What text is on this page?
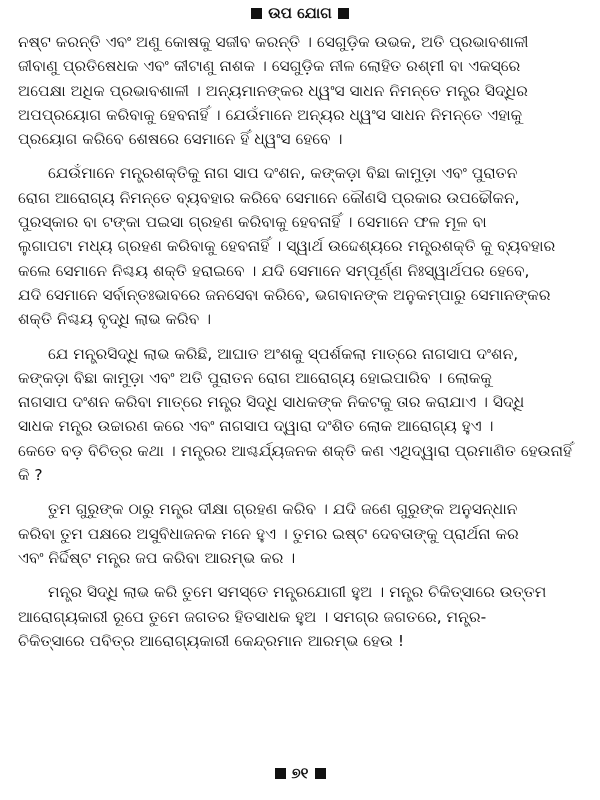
ଉପ ଯୋଗ
ନଷ୍ଟ କରନ୍ତି ଏବଂ ଅଣୁ କୋଷକୁ ସଜୀବ କରନ୍ତି । ସେଗୁଡ଼ିକ ଉଭକ, ଅତି ପ୍ରଭାବଶାଳୀ
ଜୀବାଣୁ ପ୍ରତିଷେଧକ ଏବଂ କୀଟାଣୁ ନାଶକ । ସେଗୁଡ଼ିକ ନୀଳ ଲୋହିତ ରଶ୍ମୀ ବା ଏକସ୍‌ରେ
ଅପେକ୍ଷା ଅଧିକ ପ୍ରଭାବଶାଳୀ । ଅନ୍ୟମାନଙ୍କର ଧ୍ୱଂସ ସାଧନ ନିମନ୍ତେ ମନ୍ତ୍ର ସିଦ୍ଧିର
ଅପପ୍ରୟୋଗ କରିବାକୁ ହେବନାହିଁ । ଯେଉଁମାନେ ଅନ୍ୟର ଧ୍ୱଂସ ସାଧନ ନିମନ୍ତେ ଏହାକୁ
ପ୍ରୟୋଗ କରିବେ ଶେଷରେ ସେମାନେ ହିଁ ଧ୍ୱଂସ ହେବେ ।
ଯେଉଁମାନେ ମନ୍ତ୍ରଶକ୍ତିକୁ ନାଗ ସାପ ଦଂଶନ, କଙ୍କଡ଼ା ବିଛା କାମୁଡ଼ା ଏବଂ ପୁରାତନ
ରୋଗ ଆରୋଗ୍ୟ ନିମନ୍ତେ ବ୍ୟବହାର କରିବେ ସେମାନେ କୌଣସି ପ୍ରକାର ଉପଢୌକନ,
ପୁରସ୍କାର ବା ଟଙ୍କା ପଇସା ଗ୍ରହଣ କରିବାକୁ ହେବନାହିଁ । ସେମାନେ ଫଳ ମୂଳ ବା
ଲୁଗାପଟା ମଧ୍ୟ ଗ୍ରହଣ କରିବାକୁ ହେବନାହିଁ । ସ୍ୱାର୍ଥ ଉଦ୍ଦେଶ୍ୟରେ ମନ୍ତ୍ରଶକ୍ତି କୁ ବ୍ୟବହାର
କଲେ ସେମାନେ ନିଶ୍ଚୟ ଶକ୍ତି ହରାଇବେ । ଯଦି ସେମାନେ ସମ୍ପୂର୍ଣ୍ଣ ନିଃସ୍ୱାର୍ଥପର ହେବେ,
ଯଦି ସେମାନେ ସର୍ବାନ୍ତଃଭାବରେ ଜନସେବା କରିବେ, ଭଗବାନଙ୍କ ଅନୁକମ୍ପାରୁ ସେମାନଙ୍କର
ଶକ୍ତି ନିଶ୍ଚୟ ବୃଦ୍ଧି ଲାଭ କରିବ ।
ଯେ ମନ୍ତ୍ରସିଦ୍ଧି ଲାଭ କରିଛି, ଆଘାତ ଅଂଶକୁ ସ୍ପର୍ଶକଲା ମାତ୍ରେ ନାଗସାପ ଦଂଶନ,
କଙ୍କଡ଼ା ବିଛା କାମୁଡ଼ା ଏବଂ ଅତି ପୁରାତନ ରୋଗ ଆରୋଗ୍ୟ ହୋଇପାରିବ । ଲୋକକୁ
ନାଗସାପ ଦଂଶନ କରିବା ମାତ୍ରେ ମନ୍ତ୍ର ସିଦ୍ଧି ସାଧକଙ୍କ ନିକଟକୁ ତାର କରାଯାଏ । ସିଦ୍ଧି
ସାଧକ ମନ୍ତ୍ର ଉଚ୍ଚାରଣ କରେ ଏବଂ ନାଗସାପ ଦ୍ୱାରା ଦଂଶିତ ଲୋକ ଆରୋଗ୍ୟ ହୁଏ ।
କେତେ ବଡ଼ ବିଚିତ୍ର କଥା । ମନ୍ତ୍ରର ଆଶ୍ଚର୍ଯ୍ୟଜନକ ଶକ୍ତି କଣ ଏଥିଦ୍ୱାରା ପ୍ରମାଣିତ ହେଉନାହିଁ
କି ?
ତୁମ ଗୁରୁଙ୍କ ଠାରୁ ମନ୍ତ୍ର ଦୀକ୍ଷା ଗ୍ରହଣ କରିବ । ଯଦି ଜଣେ ଗୁରୁଙ୍କ ଅନୁସନ୍ଧାନ
କରିବା ତୁମ ପକ୍ଷରେ ଅସୁବିଧାଜନକ ମନେ ହୁଏ । ତୁମର ଇଷ୍ଟ ଦେବତାଙ୍କୁ ପ୍ରାର୍ଥନା କର
ଏବଂ ନିର୍ଦ୍ଦିଷ୍ଟ ମନ୍ତ୍ର ଜପ କରିବା ଆରମ୍ଭ କର ।
ମନ୍ତ୍ର ସିଦ୍ଧି ଲାଭ କରି ତୁମେ ସମସ୍ତେ ମନ୍ତ୍ରଯୋଗୀ ହୁଅ । ମନ୍ତ୍ର ଚିକିତ୍ସାରେ ଉତ୍ତମ
ଆରୋଗ୍ୟକାରୀ ରୂପେ ତୁମେ ଜଗତର ହିତସାଧକ ହୁଅ । ସମଗ୍ର ଜଗତରେ, ମନ୍ତ୍ର-
ଚିକିତ୍ସାରେ ପବିତ୍ର ଆରୋଗ୍ୟକାରୀ କେନ୍ଦ୍ରମାନ ଆରମ୍ଭ ହେଉ !
୭୧
